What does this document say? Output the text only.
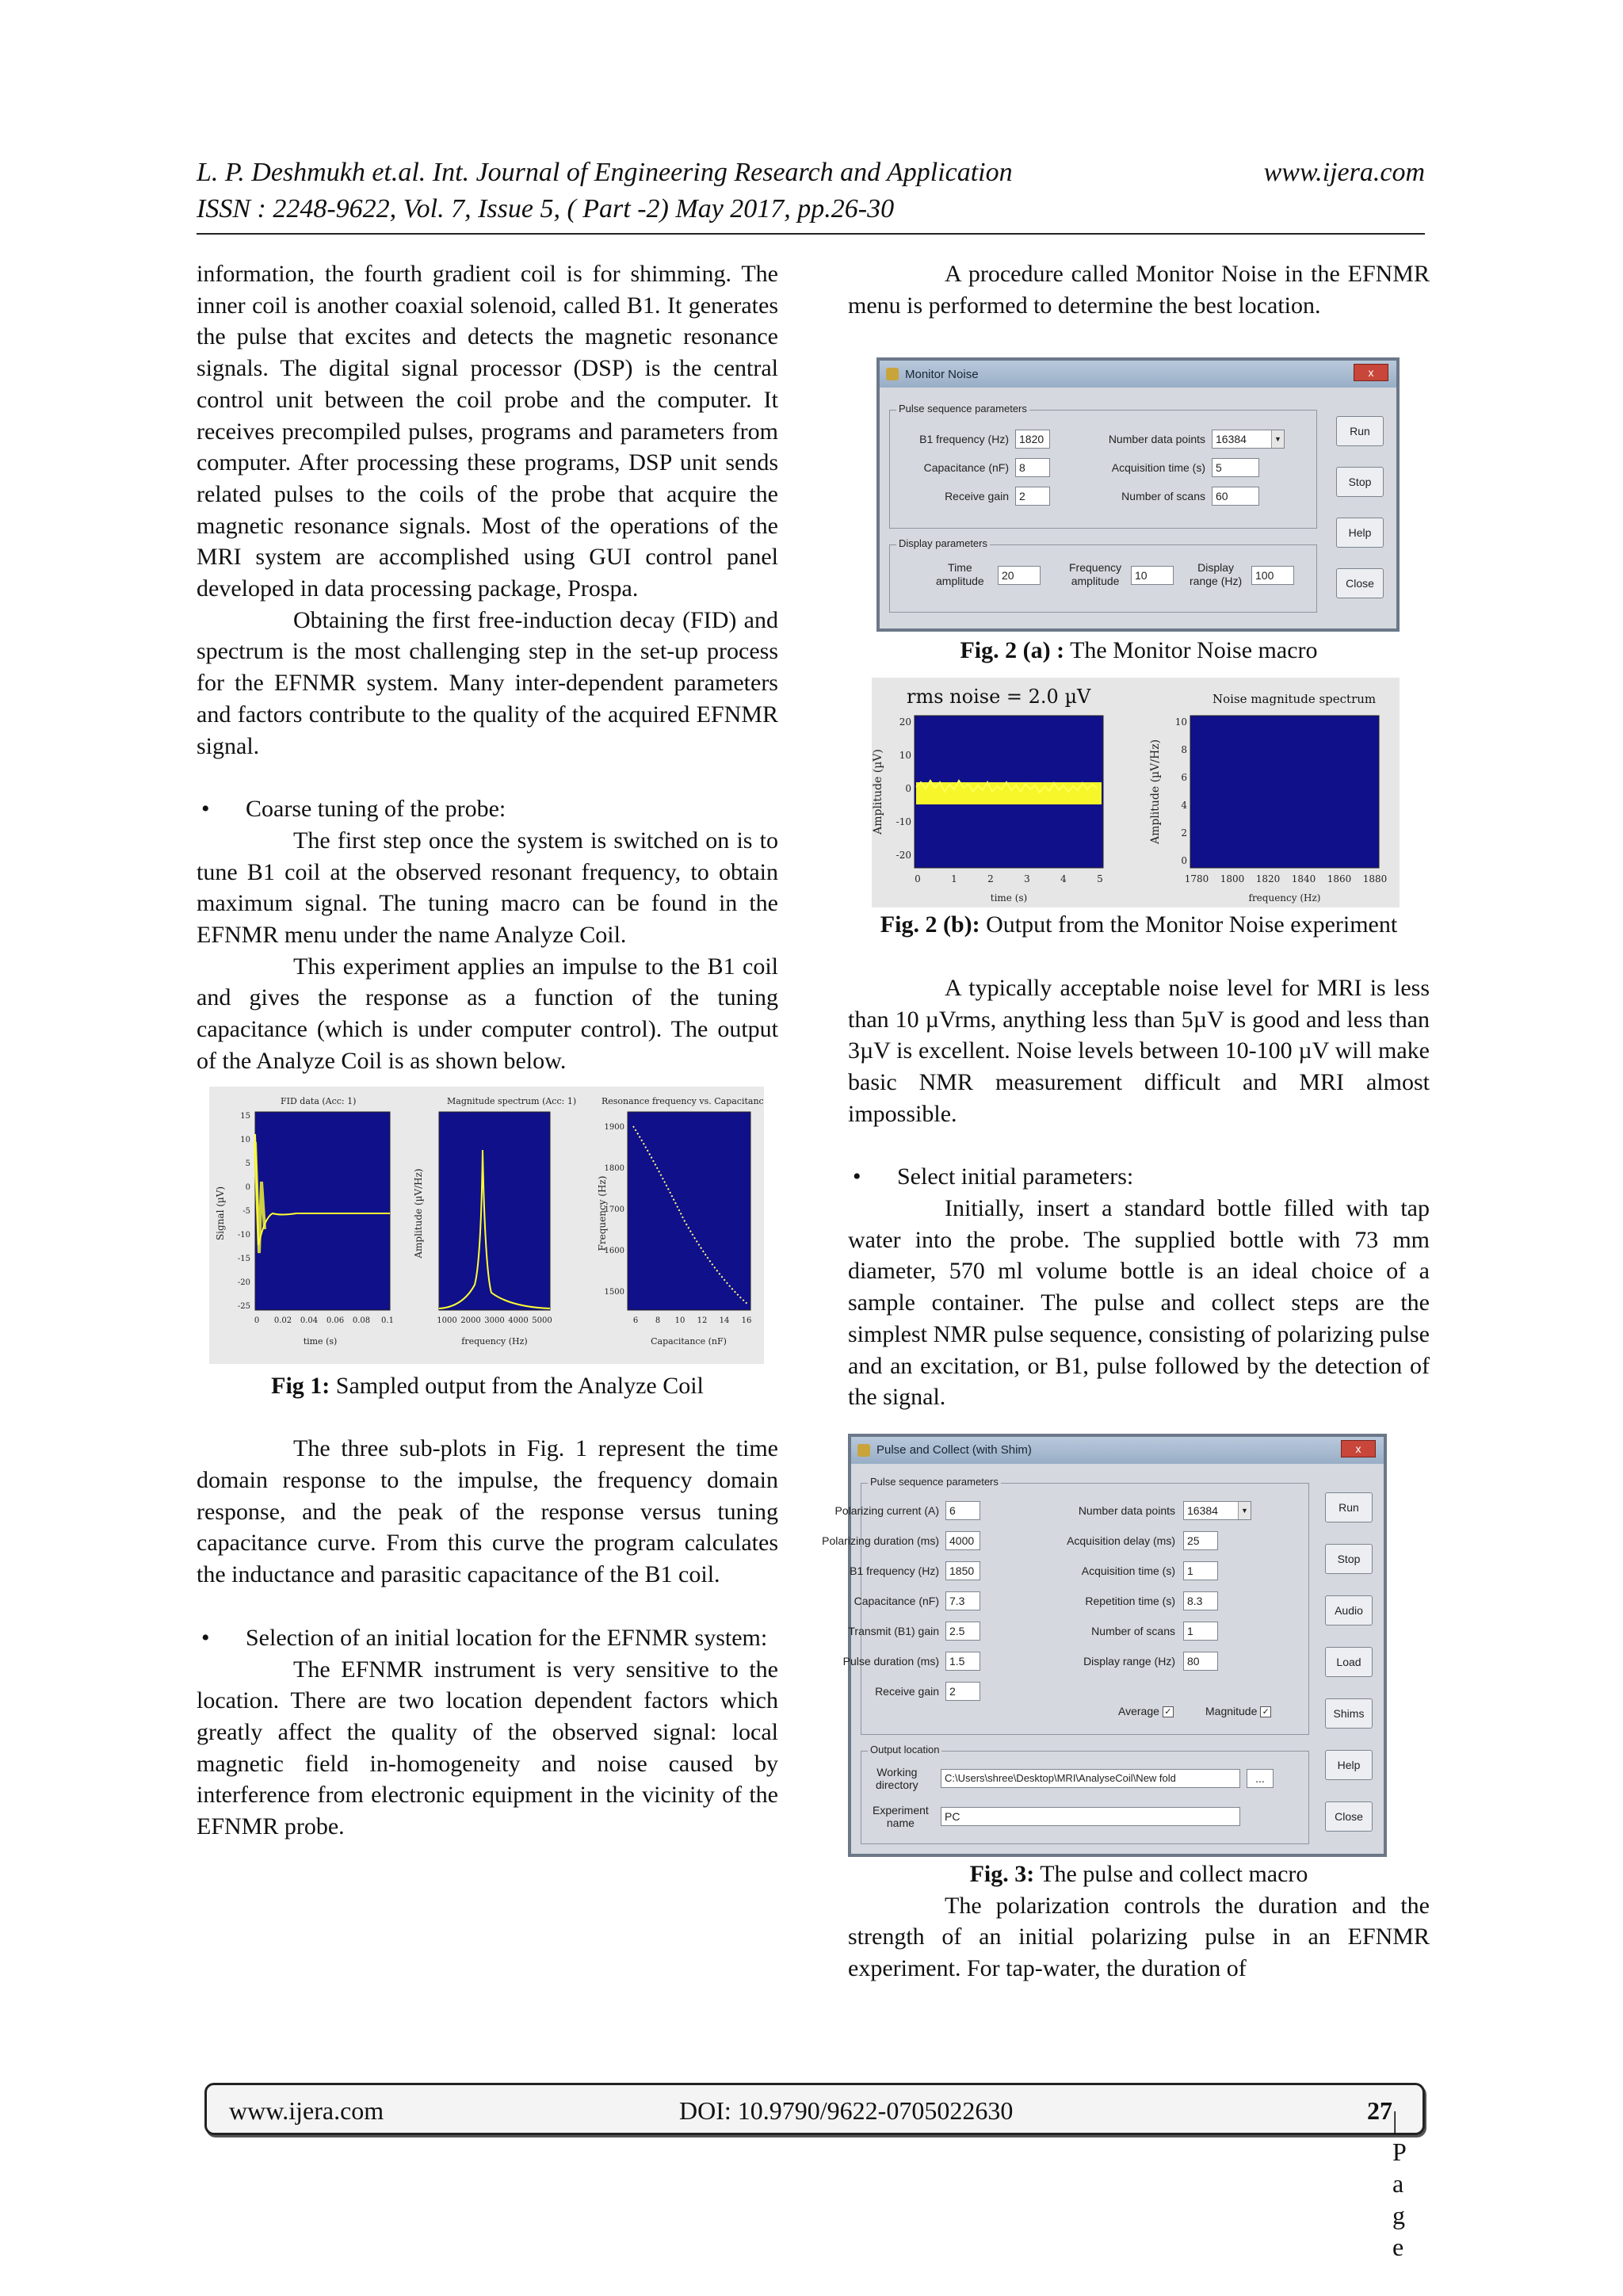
L. P. Deshmukh et.al. Int. Journal of Engineering Research and Application
ISSN : 2248-9622, Vol. 7, Issue 5, ( Part -2) May 2017, pp.26-30
www.ijera.com

information, the fourth gradient coil is for shimming. The inner coil is another coaxial solenoid, called B1. It generates the pulse that excites and detects the magnetic resonance signals. The digital signal processor (DSP) is the central control unit between the coil probe and the computer. It receives precompiled pulses, programs and parameters from computer. After processing these programs, DSP unit sends related pulses to the coils of the probe that acquire the magnetic resonance signals. Most of the operations of the MRI system are accomplished using GUI control panel developed in data processing package, Prospa.

Obtaining the first free-induction decay (FID) and spectrum is the most challenging step in the set-up process for the EFNMR system. Many inter-dependent parameters and factors contribute to the quality of the acquired EFNMR signal.

• Coarse tuning of the probe:

The first step once the system is switched on is to tune B1 coil at the observed resonant frequency, to obtain maximum signal. The tuning macro can be found in the EFNMR menu under the name Analyze Coil.

This experiment applies an impulse to the B1 coil and gives the response as a function of the tuning capacitance (which is under computer control). The output of the Analyze Coil is as shown below.

FID data (Acc: 1)
15
10
5
0
-5
-10
-15
-20
-25
0 0.02 0.04 0.06 0.08 0.1
time (s)
Signal (µV)
Magnitude spectrum (Acc: 1)
1000 2000 3000 4000 5000
frequency (Hz)
Amplitude (µV/Hz)
Resonance frequency vs. Capacitance
1900
1800
1700
1600
1500
6 8 10 12 14 16
Capacitance (nF)
Frequency (Hz)

Fig 1: Sampled output from the Analyze Coil

The three sub-plots in Fig. 1 represent the time domain response to the impulse, the frequency domain response, and the peak of the response versus tuning capacitance curve. From this curve the program calculates the inductance and parasitic capacitance of the B1 coil.

• Selection of an initial location for the EFNMR system:

The EFNMR instrument is very sensitive to the location. There are two location dependent factors which greatly affect the quality of the observed signal: local magnetic field in-homogeneity and noise caused by interference from electronic equipment in the vicinity of the EFNMR probe.

A procedure called Monitor Noise in the EFNMR menu is performed to determine the best location.

Monitor Noise	x
Pulse sequence parameters
B1 frequency (Hz) 1820
Capacitance (nF) 8
Receive gain 2
Number data points 16384	▼
Acquisition time (s) 5
Number of scans 60
Display parameters
Time
amplitude	20
Frequency
amplitude	10
Display
range (Hz)	100
Run
Stop
Help
Close

Fig. 2 (a) : The Monitor Noise macro

rms noise = 2.0 µV	Noise magnitude spectrum
20
10
0
-10
-20
0	1	2	3	4	5
10
8
6
4
2
0
1780 1800 1820 1840 1860 1880
Amplitude (µV)	Amplitude (µV/Hz)
time (s)	frequency (Hz)

Fig. 2 (b): Output from the Monitor Noise experiment

A typically acceptable noise level for MRI is less than 10 µVrms, anything less than 5µV is good and less than 3µV is excellent. Noise levels between 10-100 µV will make basic NMR measurement difficult and MRI almost impossible.

• Select initial parameters:

Initially, insert a standard bottle filled with tap water into the probe. The supplied bottle with 73 mm diameter, 570 ml volume bottle is an ideal choice of a sample container. The pulse and collect steps are the simplest NMR pulse sequence, consisting of polarizing pulse and an excitation, or B1, pulse followed by the detection of the signal.

Pulse and Collect (with Shim)	x
Pulse sequence parameters
Polarizing current (A) 6
Polarizing duration (ms) 4000
B1 frequency (Hz) 1850
Capacitance (nF) 7.3
Transmit (B1) gain 2.5
Pulse duration (ms) 1.5
Receive gain 2
Number data points	16384	▼
Acquisition delay (ms)	25
Acquisition time (s)	1
Repetition time (s)	8.3
Number of scans	1
Display range (Hz)	80
Average ✓	Magnitude ✓
Output location
Working
directory
C:\Users\shree\Desktop\MRI\AnalyseCoil\New fold	...
Experiment
name	PC
Run
Stop
Audio
Load
Shims
Help
Close

Fig. 3: The pulse and collect macro

The polarization controls the duration and the strength of an initial polarizing pulse in an EFNMR experiment. For tap-water, the duration of

www.ijera.com	DOI: 10.9790/9622-0705022630	27 | P a g e
